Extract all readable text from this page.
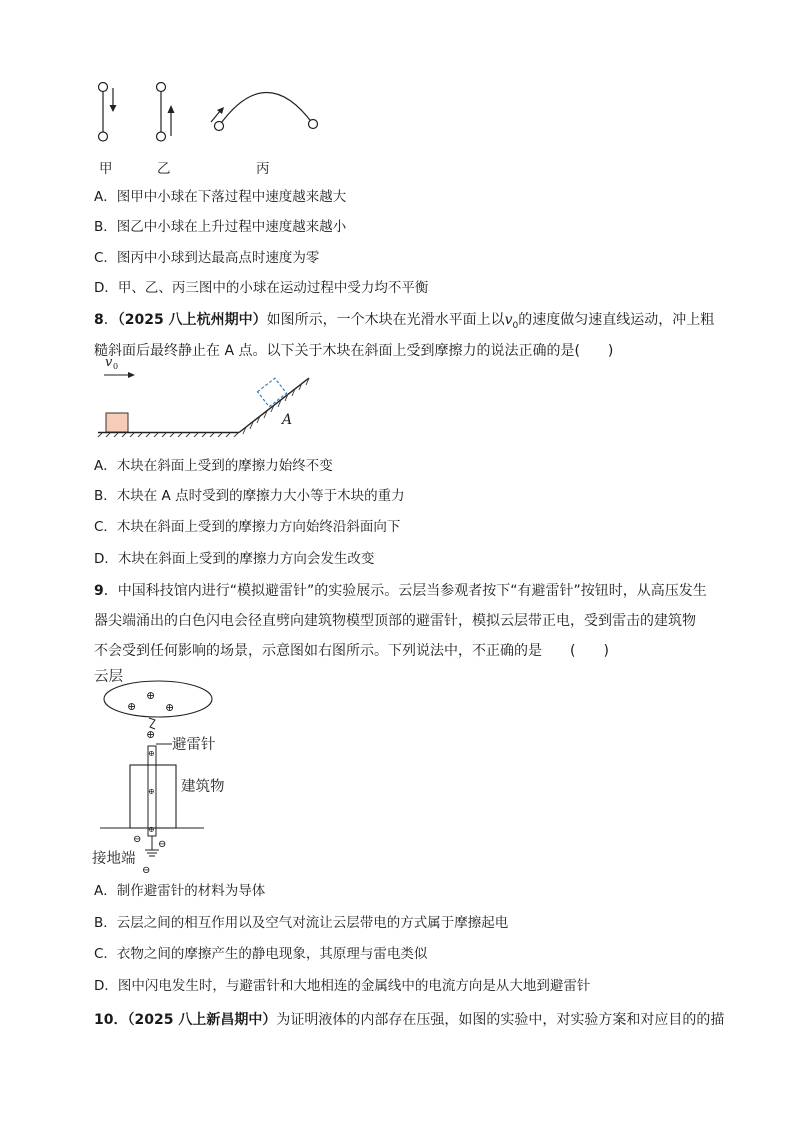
甲	乙	丙
A．图甲中小球在下落过程中速度越来越大
B．图乙中小球在上升过程中速度越来越小
C．图丙中小球到达最高点时速度为零
D．甲、乙、丙三图中的小球在运动过程中受力均不平衡
8．（2025 八上杭州期中）如图所示，一个木块在光滑水平面上以$v_0$的速度做匀速直线运动，冲上粗
糙斜面后最终静止在 A 点。以下关于木块在斜面上受到摩擦力的说法正确的是(　　)
v 0
A
A．木块在斜面上受到的摩擦力始终不变
B．木块在 A 点时受到的摩擦力大小等于木块的重力
C．木块在斜面上受到的摩擦力方向始终沿斜面向下
D．木块在斜面上受到的摩擦力方向会发生改变
9．中国科技馆内进行“模拟避雷针”的实验展示。云层当参观者按下“有避雷针”按钮时，从高压发生
器尖端涌出的白色闪电会径直劈向建筑物模型顶部的避雷针，模拟云层带正电，受到雷击的建筑物
不会受到任何影响的场景，示意图如右图所示。下列说法中，不正确的是　　(　　)
云层
⊕
⊕	⊕
⊕
避雷针
⊕
⊕
⊕
建筑物
⊖ ⊖
⊖
接地端
A．制作避雷针的材料为导体
B．云层之间的相互作用以及空气对流让云层带电的方式属于摩擦起电
C．衣物之间的摩擦产生的静电现象，其原理与雷电类似
D．图中闪电发生时，与避雷针和大地相连的金属线中的电流方向是从大地到避雷针
10．（2025 八上新昌期中）为证明液体的内部存在压强，如图的实验中，对实验方案和对应目的的描
